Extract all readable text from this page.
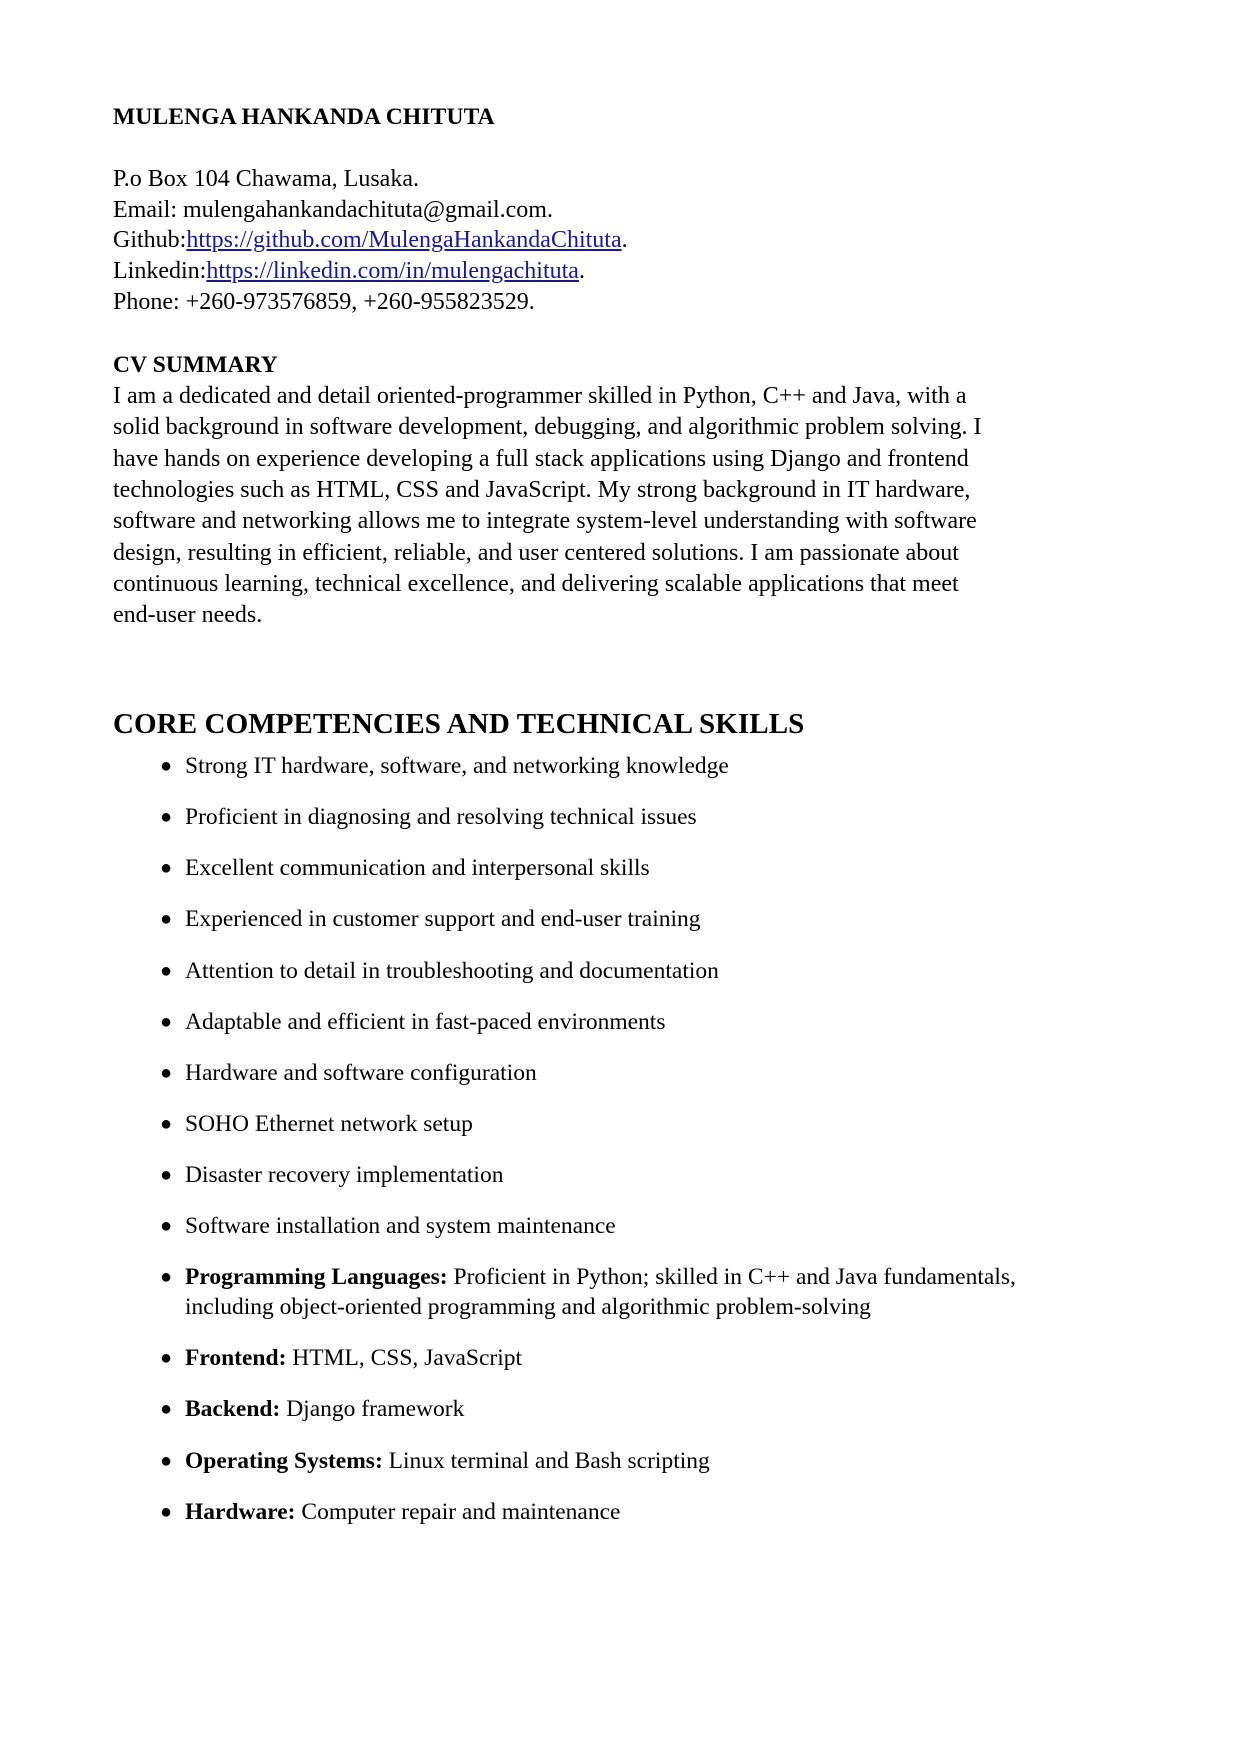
MULENGA HANKANDA CHITUTA
P.o Box 104 Chawama, Lusaka.
Email: mulengahankandachituta@gmail.com.
Github:https://github.com/MulengaHankandaChituta.
Linkedin:https://linkedin.com/in/mulengachituta.
Phone: +260-973576859, +260-955823529.
CV SUMMARY

I am a dedicated and detail oriented-programmer skilled in Python, C++ and Java, with a solid background in software development, debugging, and algorithmic problem solving. I have hands on experience developing a full stack applications using Django and frontend technologies such as HTML, CSS and JavaScript. My strong background in IT hardware, software and networking allows me to integrate system-level understanding with software design, resulting in efficient, reliable, and user centered solutions. I am passionate about continuous learning, technical excellence, and delivering scalable applications that meet end-user needs.

CORE COMPETENCIES AND TECHNICAL SKILLS
● Strong IT hardware, software, and networking knowledge
● Proficient in diagnosing and resolving technical issues
● Excellent communication and interpersonal skills
● Experienced in customer support and end-user training
● Attention to detail in troubleshooting and documentation
● Adaptable and efficient in fast-paced environments
● Hardware and software configuration
● SOHO Ethernet network setup
● Disaster recovery implementation
● Software installation and system maintenance
● Programming Languages: Proficient in Python; skilled in C++ and Java fundamentals, including object-oriented programming and algorithmic problem-solving
● Frontend: HTML, CSS, JavaScript
● Backend: Django framework
● Operating Systems: Linux terminal and Bash scripting
● Hardware: Computer repair and maintenance
